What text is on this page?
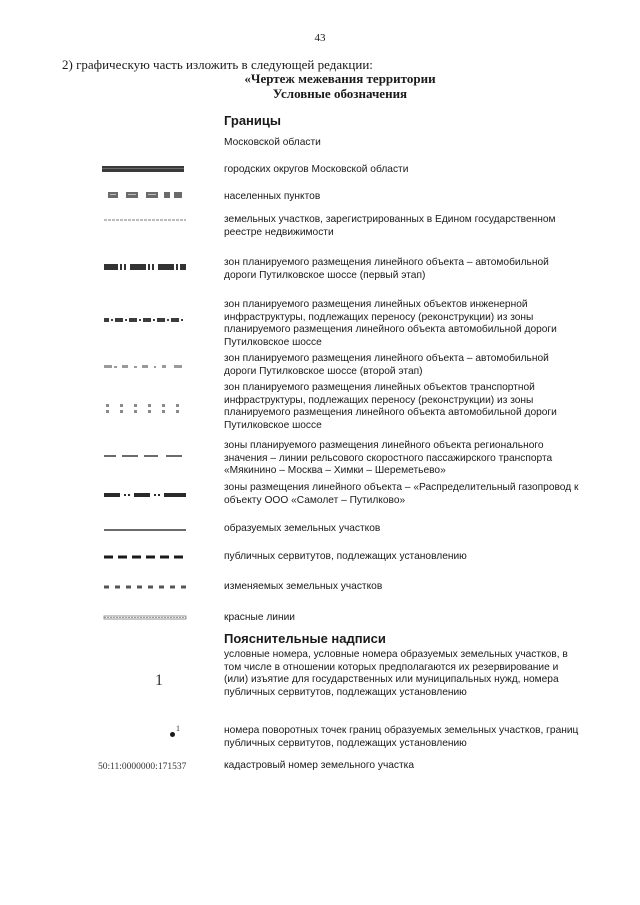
43
2) графическую часть изложить в следующей редакции:
«Чертеж межевания территории
Условные обозначения
Границы
Московской области
городских округов Московской области
населенных пунктов
земельных участков, зарегистрированных в Едином государственном реестре недвижимости
зон планируемого размещения линейного объекта – автомобильной дороги Путилковское шоссе (первый этап)
зон планируемого размещения линейных объектов инженерной инфраструктуры, подлежащих переносу (реконструкции) из зоны планируемого размещения линейного объекта автомобильной дороги Путилковское шоссе
зон планируемого размещения линейного объекта – автомобильной дороги Путилковское шоссе (второй этап)
зон планируемого размещения линейных объектов транспортной инфраструктуры, подлежащих переносу (реконструкции) из зоны планируемого размещения линейного объекта автомобильной дороги Путилковское шоссе
зоны планируемого размещения линейного объекта регионального значения – линии рельсового скоростного пассажирского транспорта «Мякинино – Москва – Химки – Шереметьево»
зоны размещения линейного объекта – «Распределительный газопровод к объекту ООО «Самолет – Путилково»
образуемых земельных участков
публичных сервитутов, подлежащих установлению
изменяемых земельных участков
красные линии
Пояснительные надписи
1
условные номера, условные номера образуемых земельных участков, в том числе в отношении которых предполагаются их резервирование и (или) изъятие для государственных или муниципальных нужд, номера публичных сервитутов, подлежащих установлению
1	номера поворотных точек границ образуемых земельных участков, границ публичных сервитутов, подлежащих установлению
50:11:0000000:171537	кадастровый номер земельного участка
